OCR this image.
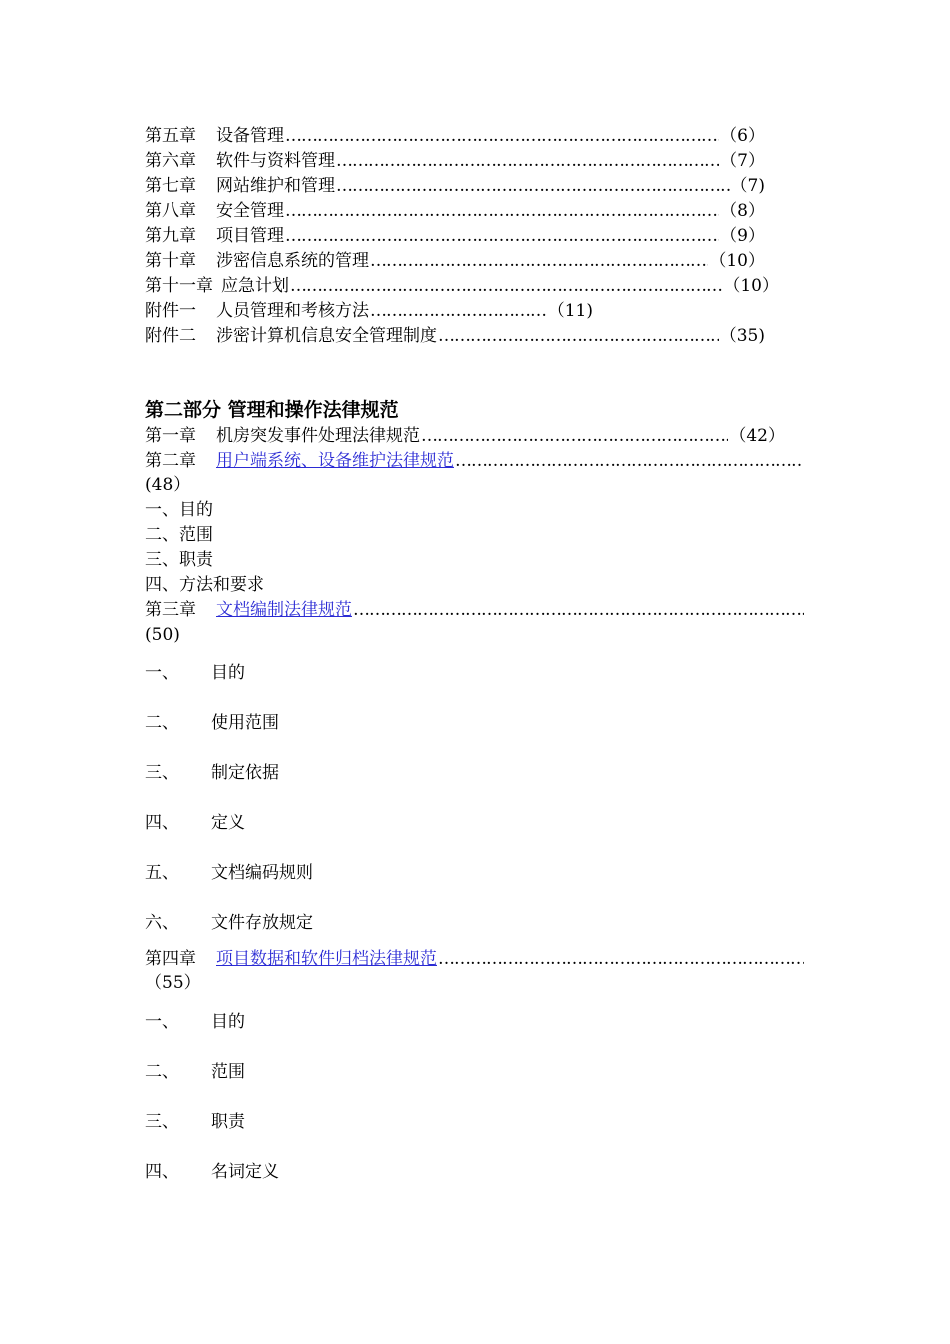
第五章 设备管理 ……………………………………………………………………………………………………………………………………………………	（6）
第六章 软件与资料管理 ……………………………………………………………………………………………………………………………………………………	（7）
第七章 网站维护和管理 ……………………………………………………………………………………………………………………………………………………	（7)
第八章 安全管理 ……………………………………………………………………………………………………………………………………………………	（8）
第九章 项目管理 ……………………………………………………………………………………………………………………………………………………	（9）
第十章 涉密信息系统的管理 ……………………………………………………………………………………………………………………………………………………	（10）
第十一章 应急计划 ……………………………………………………………………………………………………………………………………………………	（10）
附件一 人员管理和考核方法 ……………………………………………………………………………………………………………………………………………………	（11)
附件二 涉密计算机信息安全管理制度 ……………………………………………………………………………………………………………………………………………………	（35)
第二部分 管理和操作法律规范
第一章 机房突发事件处理法律规范 ……………………………………………………………………………………………………………………………………………………	（42）
第二章 用户端系统、设备维护法律规范
……………………………………………………………………………………………………………………………………………………
(48）
一、目的
二、范围
三、职责
四、方法和要求
第三章 文档编制法律规范
……………………………………………………………………………………………………………………………………………………
(50)
一、 目的
二、 使用范围
三、 制定依据
四、 定义
五、 文档编码规则
六、 文件存放规定
第四章 项目数据和软件归档法律规范
……………………………………………………………………………………………………………………………………………………
（55）
一、 目的
二、 范围
三、 职责
四、 名词定义
